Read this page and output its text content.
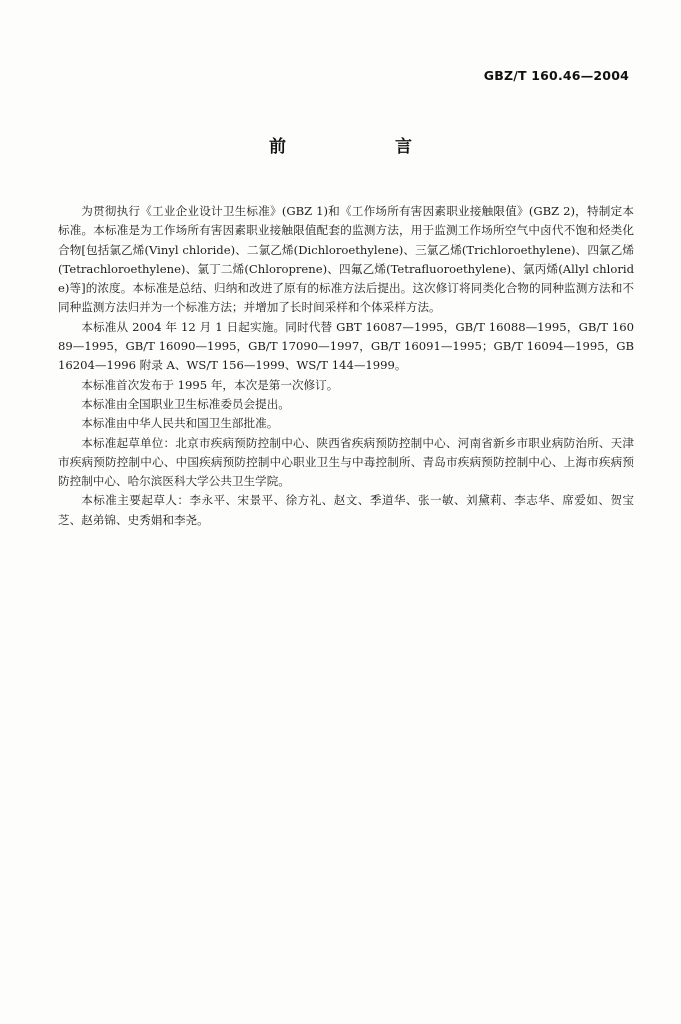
GBZ/T 160.46—2004
前　言

为贯彻执行《工业企业设计卫生标准》(GBZ 1)和《工作场所有害因素职业接触限值》(GBZ 2)，特制定本标准。本标准是为工作场所有害因素职业接触限值配套的监测方法，用于监测工作场所空气中卤代不饱和烃类化合物[包括氯乙烯(Vinyl chloride)、二氯乙烯(Dichloroethylene)、三氯乙烯(Trichloroethylene)、四氯乙烯(Tetrachloroethylene)、氯丁二烯(Chloroprene)、四氟乙烯(Tetrafluoroethylene)、氯丙烯(Allyl chloride)等]的浓度。本标准是总结、归纳和改进了原有的标准方法后提出。这次修订将同类化合物的同种监测方法和不同种监测方法归并为一个标准方法；并增加了长时间采样和个体采样方法。

本标准从 2004 年 12 月 1 日起实施。同时代替 GBT 16087—1995，GB/T 16088—1995，GB/T 16089—1995，GB/T 16090—1995，GB/T 17090—1997，GB/T 16091—1995；GB/T 16094—1995，GB 16204—1996 附录 A、WS/T 156—1999、WS/T 144—1999。

本标准首次发布于 1995 年，本次是第一次修订。

本标准由全国职业卫生标准委员会提出。

本标准由中华人民共和国卫生部批准。

本标准起草单位：北京市疾病预防控制中心、陕西省疾病预防控制中心、河南省新乡市职业病防治所、天津市疾病预防控制中心、中国疾病预防控制中心职业卫生与中毒控制所、青岛市疾病预防控制中心、上海市疾病预防控制中心、哈尔滨医科大学公共卫生学院。

本标准主要起草人：李永平、宋景平、徐方礼、赵文、季道华、张一敏、刘黛莉、李志华、席爱如、贺宝芝、赵弟锦、史秀娟和李尧。
